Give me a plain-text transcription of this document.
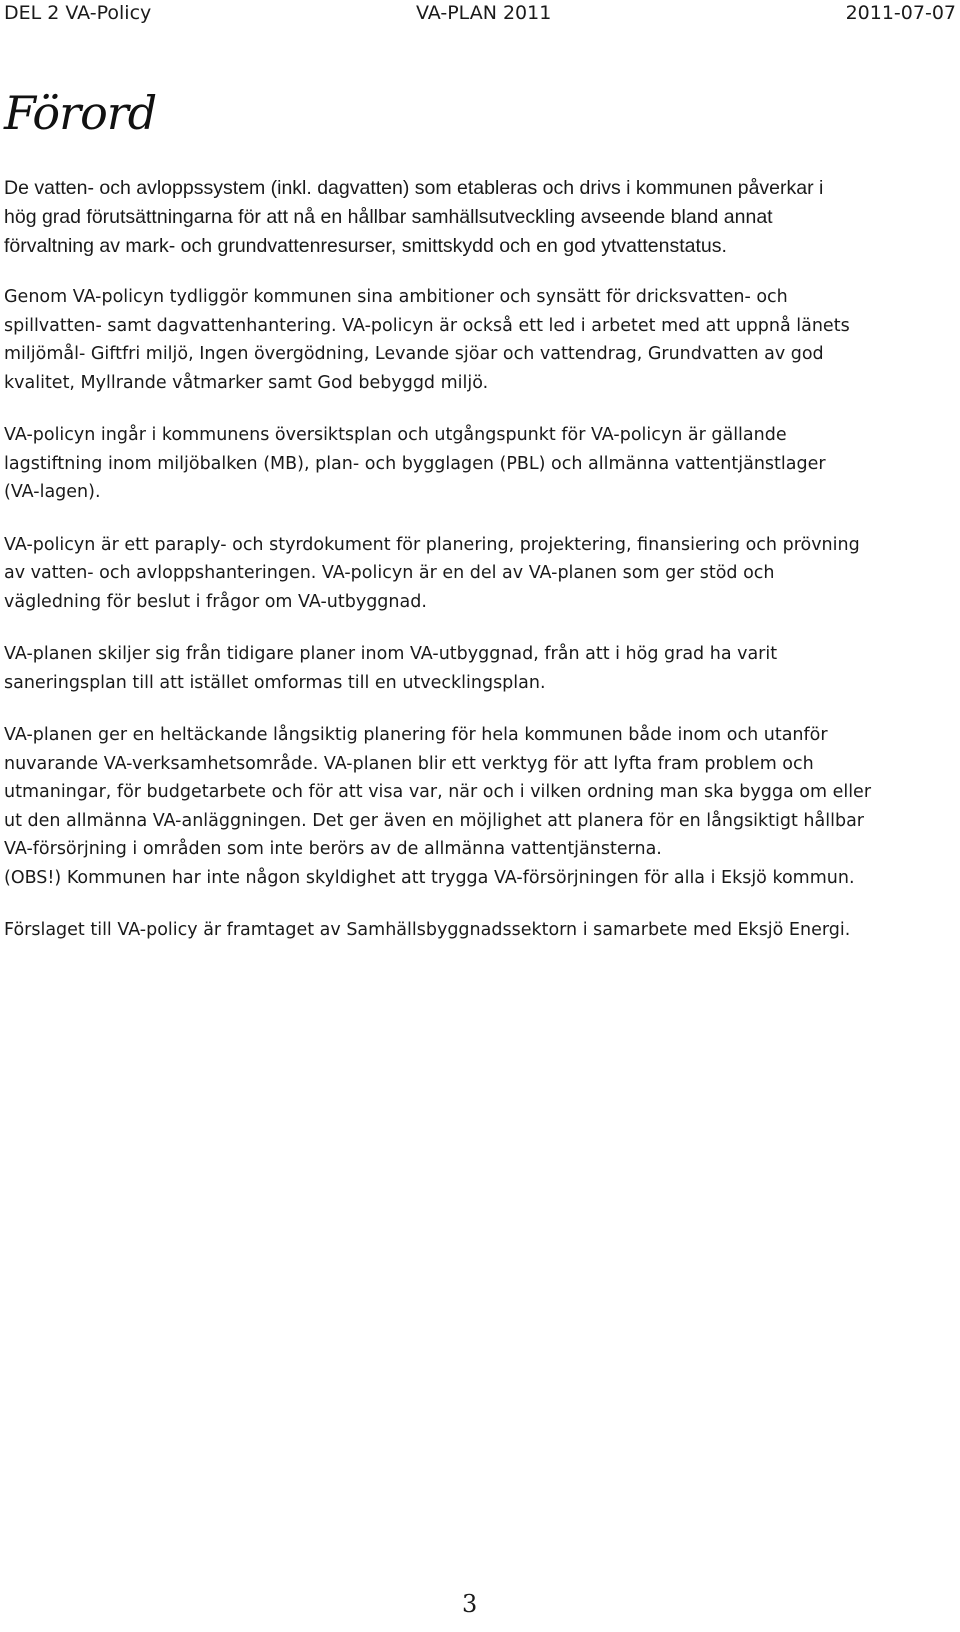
DEL 2 VA-Policy	VA-PLAN 2011	2011-07-07
Förord

De vatten- och avloppssystem (inkl. dagvatten) som etableras och drivs i kommunen påverkar i
hög grad förutsättningarna för att nå en hållbar samhällsutveckling avseende bland annat
förvaltning av mark- och grundvattenresurser, smittskydd och en god ytvattenstatus.

Genom VA-policyn tydliggör kommunen sina ambitioner och synsätt för dricksvatten- och
spillvatten- samt dagvattenhantering. VA-policyn är också ett led i arbetet med att uppnå länets
miljömål- Giftfri miljö, Ingen övergödning, Levande sjöar och vattendrag, Grundvatten av god
kvalitet, Myllrande våtmarker samt God bebyggd miljö.

VA-policyn ingår i kommunens översiktsplan och utgångspunkt för VA-policyn är gällande
lagstiftning inom miljöbalken (MB), plan- och bygglagen (PBL) och allmänna vattentjänstlager
(VA-lagen).

VA-policyn är ett paraply- och styrdokument för planering, projektering, finansiering och prövning
av vatten- och avloppshanteringen. VA-policyn är en del av VA-planen som ger stöd och
vägledning för beslut i frågor om VA-utbyggnad.

VA-planen skiljer sig från tidigare planer inom VA-utbyggnad, från att i hög grad ha varit
saneringsplan till att istället omformas till en utvecklingsplan.

VA-planen ger en heltäckande långsiktig planering för hela kommunen både inom och utanför
nuvarande VA-verksamhetsområde. VA-planen blir ett verktyg för att lyfta fram problem och
utmaningar, för budgetarbete och för att visa var, när och i vilken ordning man ska bygga om eller
ut den allmänna VA-anläggningen. Det ger även en möjlighet att planera för en långsiktigt hållbar
VA-försörjning i områden som inte berörs av de allmänna vattentjänsterna.
(OBS!) Kommunen har inte någon skyldighet att trygga VA-försörjningen för alla i Eksjö kommun.

Förslaget till VA-policy är framtaget av Samhällsbyggnadssektorn i samarbete med Eksjö Energi.

3
